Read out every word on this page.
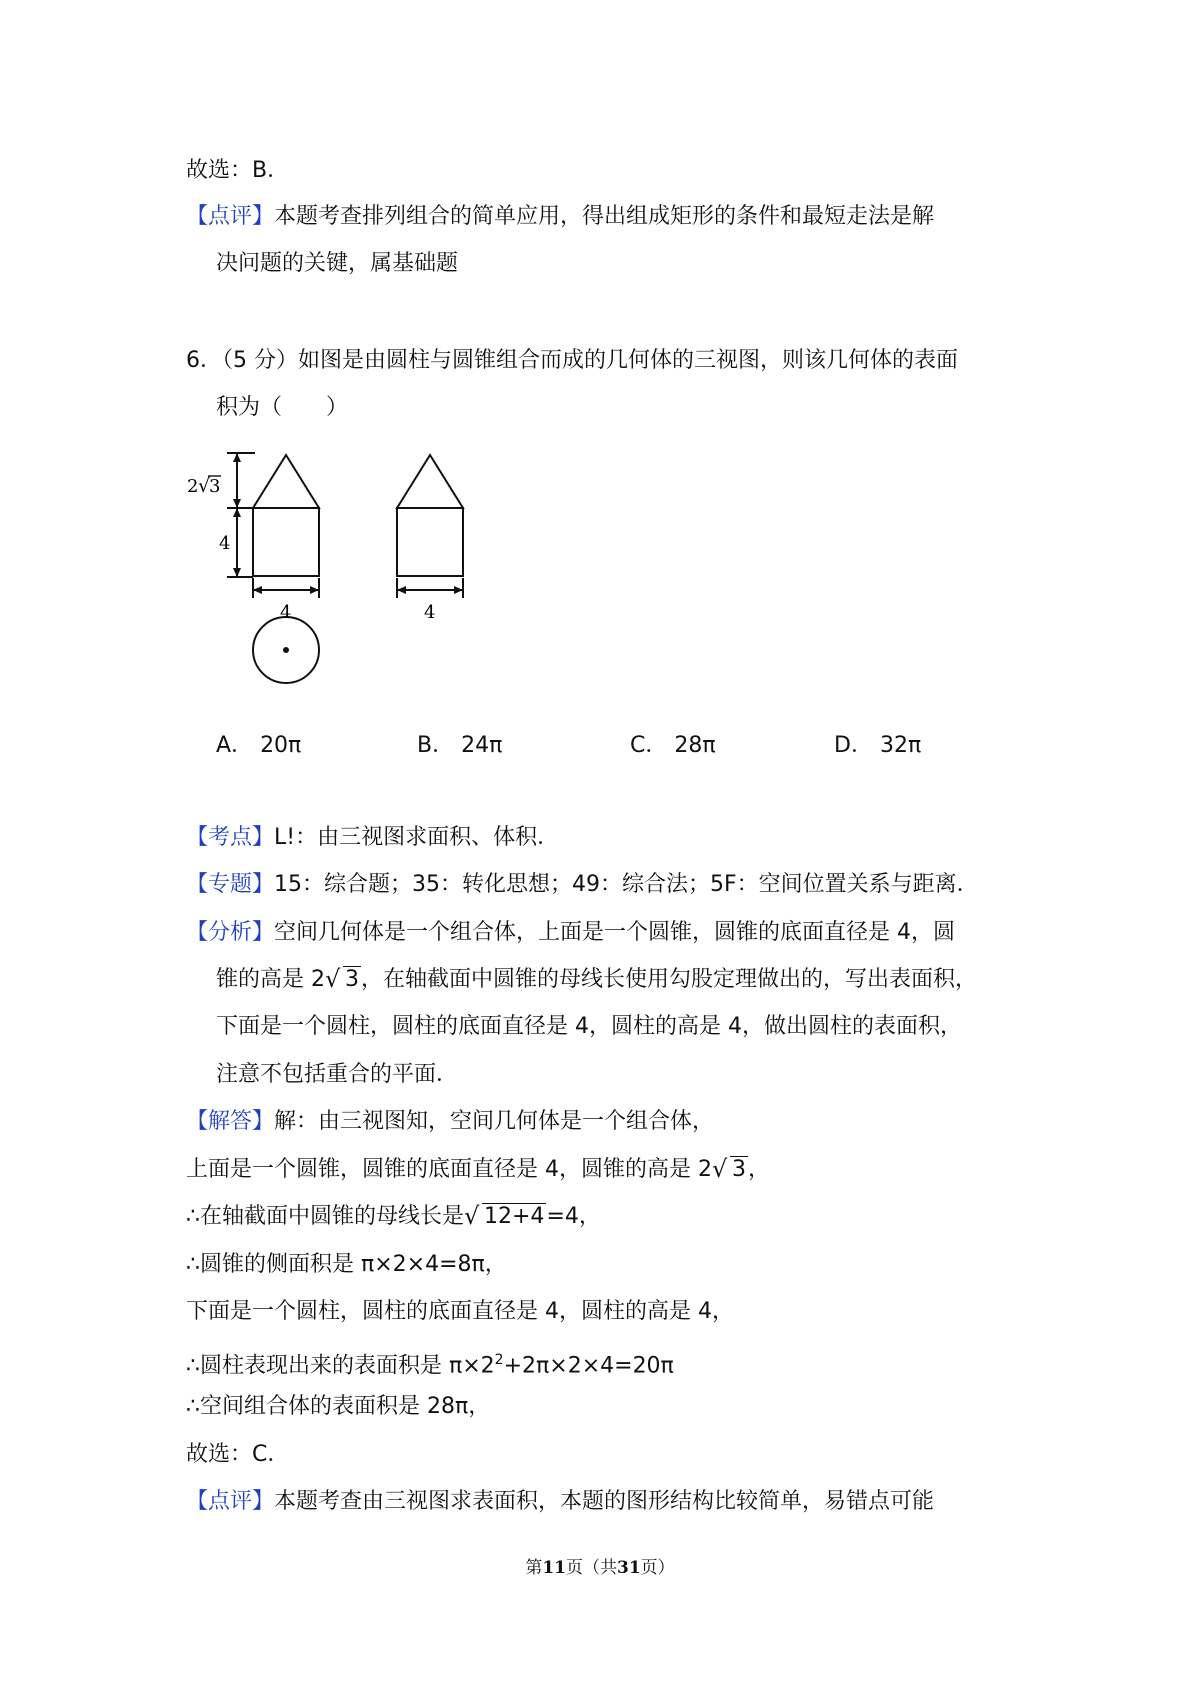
故选：B．
【点评】本题考查排列组合的简单应用，得出组成矩形的条件和最短走法是解
决问题的关键，属基础题
6．（5 分）如图是由圆柱与圆锥组合而成的几何体的三视图，则该几何体的表面
积为（　　）
2 √
3
4
4	4
A． 20π	B． 24π	C． 28π	D． 32π
【考点】L!：由三视图求面积、体积．
【专题】15：综合题；35：转化思想；49：综合法；5F：空间位置关系与距离．
【分析】空间几何体是一个组合体，上面是一个圆锥，圆锥的底面直径是 4，圆
锥的高是 2 √ 3，在轴截面中圆锥的母线长使用勾股定理做出的，写出表面积，
下面是一个圆柱，圆柱的底面直径是 4，圆柱的高是 4，做出圆柱的表面积，
注意不包括重合的平面．
【解答】解：由三视图知，空间几何体是一个组合体，
上面是一个圆锥，圆锥的底面直径是 4，圆锥的高是 2 √ 3，
∴在轴截面中圆锥的母线长是 √ 12+4=4，
∴圆锥的侧面积是 π×2×4=8π，
下面是一个圆柱，圆柱的底面直径是 4，圆柱的高是 4，
∴圆柱表现出来的表面积是 $\pi\times 2^2+2\pi\times 2\times 4=20\pi$
∴空间组合体的表面积是 28π，
故选：C．
【点评】本题考查由三视图求表面积，本题的图形结构比较简单，易错点可能
第11页（共31页）
